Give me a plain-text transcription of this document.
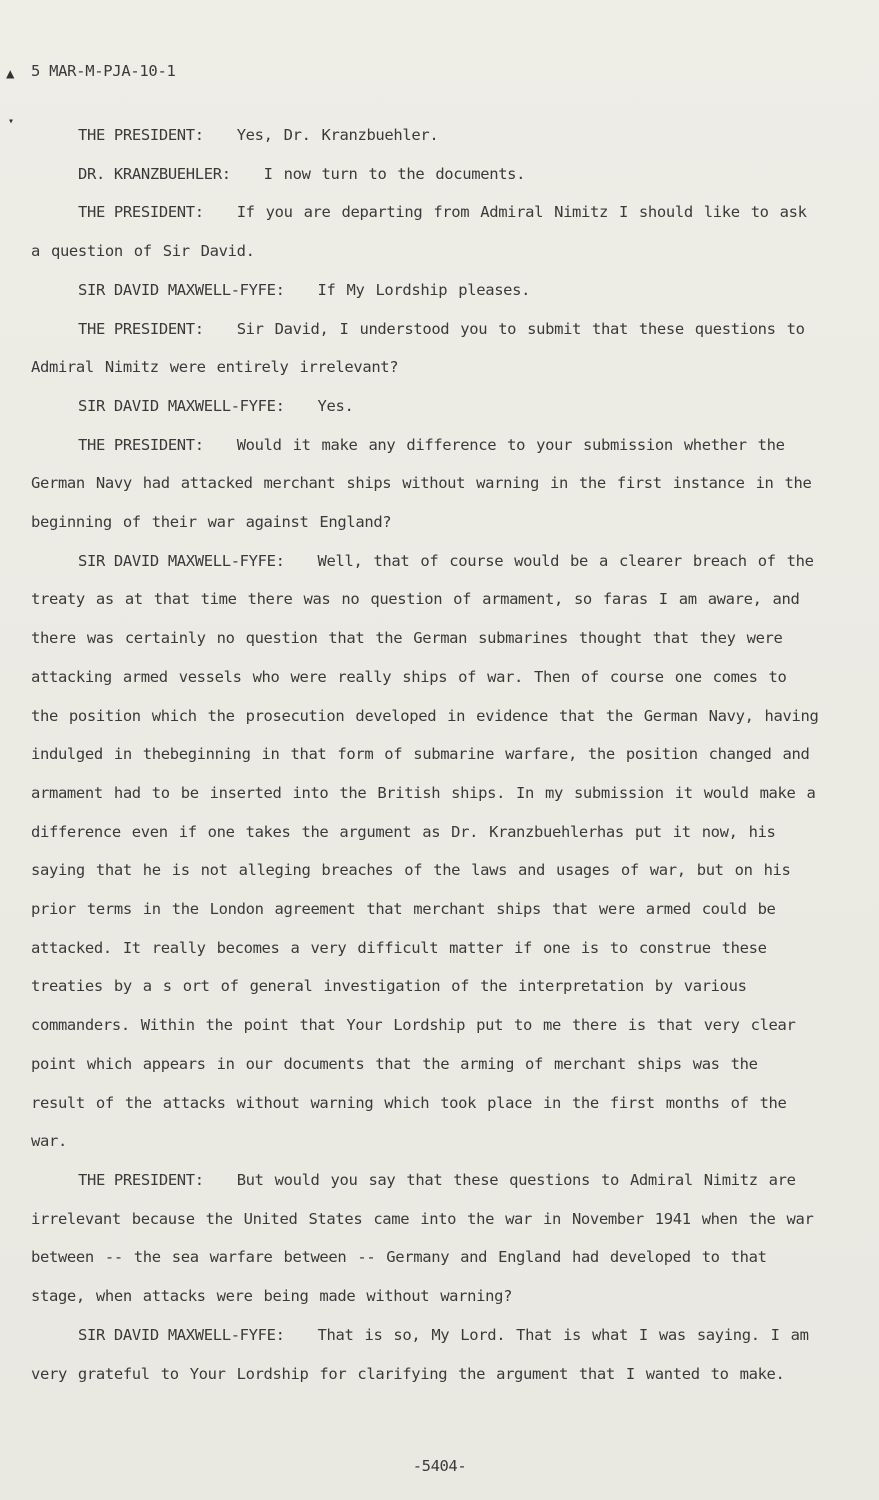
▲
▾
5 MAR-M-PJA-10-1

THE PRESIDENT: Yes, Dr. Kranzbuehler.

DR. KRANZBUEHLER: I now turn to the documents.

THE PRESIDENT: If you are departing from Admiral Nimitz I should like to ask a question of Sir David.

SIR DAVID MAXWELL-FYFE: If My Lordship pleases.

THE PRESIDENT: Sir David, I understood you to submit that these questions to Admiral Nimitz were entirely irrelevant?

SIR DAVID MAXWELL-FYFE: Yes.

THE PRESIDENT: Would it make any difference to your submission whether the German Navy had attacked merchant ships without warning in the first instance in the beginning of their war against England?

SIR DAVID MAXWELL-FYFE: Well, that of course would be a clearer breach of the treaty as at that time there was no question of armament, so faras I am aware, and there was certainly no question that the German submarines thought that they were attacking armed vessels who were really ships of war. Then of course one comes to the position which the prosecution developed in evidence that the German Navy, having indulged in thebeginning in that form of submarine warfare, the position changed and armament had to be inserted into the British ships. In my submission it would make a difference even if one takes the argument as Dr. Kranzbuehlerhas put it now, his saying that he is not alleging breaches of the laws and usages of war, but on his prior terms in the London agreement that merchant ships that were armed could be attacked. It really becomes a very difficult matter if one is to construe these treaties by a s ort of general investigation of the interpretation by various commanders. Within the point that Your Lordship put to me there is that very clear point which appears in our documents that the arming of merchant ships was the result of the attacks without warning which took place in the first months of the war.

THE PRESIDENT: But would you say that these questions to Admiral Nimitz are irrelevant because the United States came into the war in November 1941 when the war between -- the sea warfare between -- Germany and England had developed to that stage, when attacks were being made without warning?

SIR DAVID MAXWELL-FYFE: That is so, My Lord. That is what I was saying. I am very grateful to Your Lordship for clarifying the argument that I wanted to make.

-5404-
